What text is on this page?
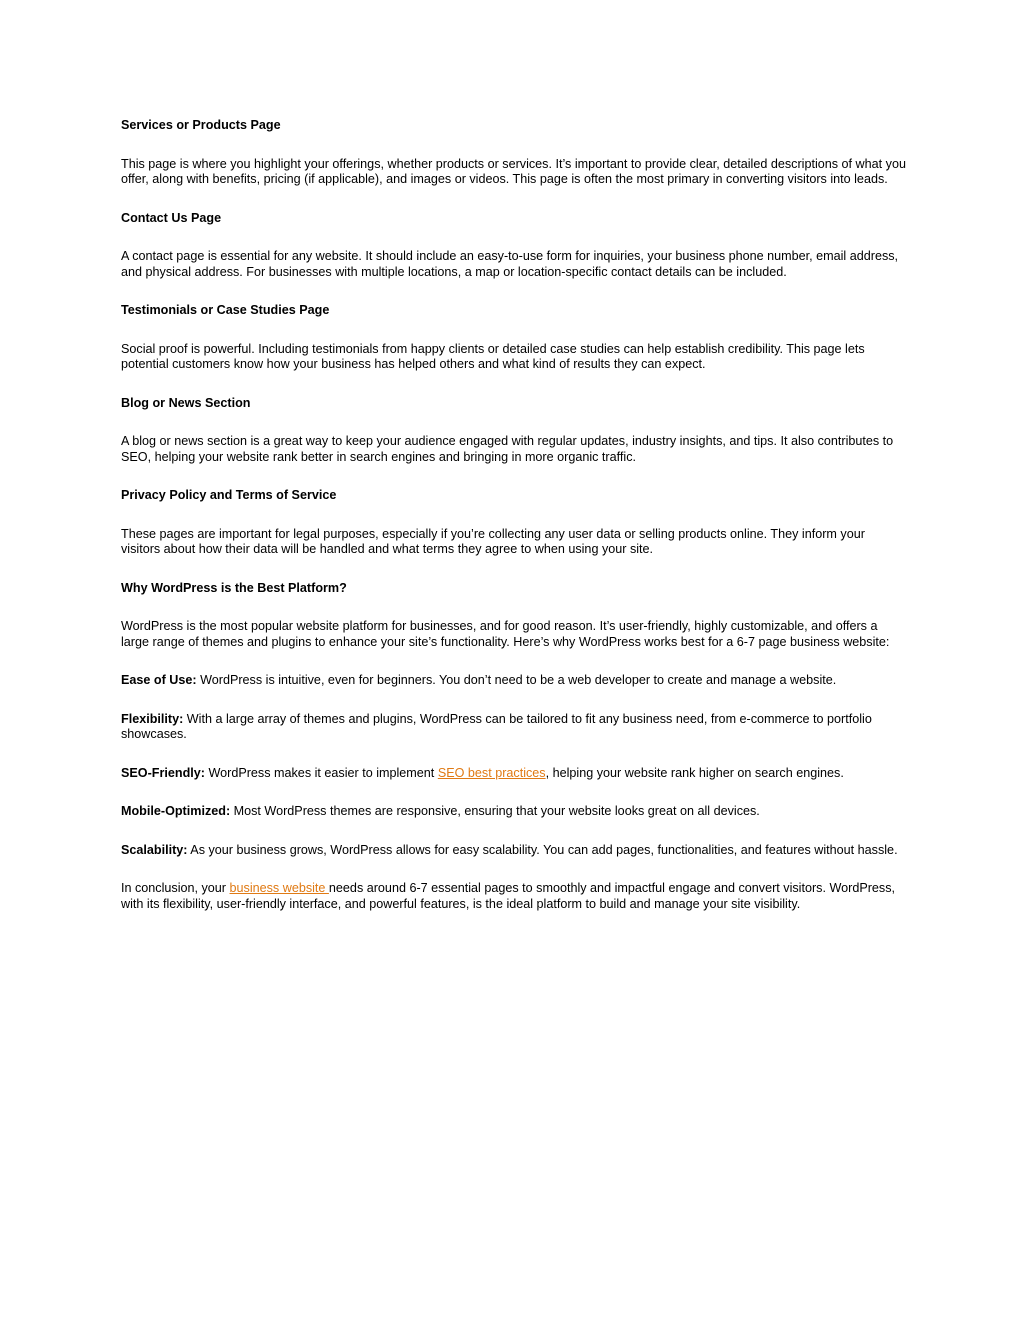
Services or Products Page

This page is where you highlight your offerings, whether products or services. It’s important to provide clear, detailed descriptions of what you offer, along with benefits, pricing (if applicable), and images or videos. This page is often the most primary in converting visitors into leads.

Contact Us Page

A contact page is essential for any website. It should include an easy-to-use form for inquiries, your business phone number, email address, and physical address. For businesses with multiple locations, a map or location-specific contact details can be included.

Testimonials or Case Studies Page

Social proof is powerful. Including testimonials from happy clients or detailed case studies can help establish credibility. This page lets potential customers know how your business has helped others and what kind of results they can expect.

Blog or News Section

A blog or news section is a great way to keep your audience engaged with regular updates, industry insights, and tips. It also contributes to SEO, helping your website rank better in search engines and bringing in more organic traffic.

Privacy Policy and Terms of Service

These pages are important for legal purposes, especially if you’re collecting any user data or selling products online. They inform your visitors about how their data will be handled and what terms they agree to when using your site.

Why WordPress is the Best Platform?

WordPress is the most popular website platform for businesses, and for good reason. It’s user-friendly, highly customizable, and offers a large range of themes and plugins to enhance your site’s functionality. Here’s why WordPress works best for a 6-7 page business website:

Ease of Use: WordPress is intuitive, even for beginners. You don’t need to be a web developer to create and manage a website.

Flexibility: With a large array of themes and plugins, WordPress can be tailored to fit any business need, from e-commerce to portfolio showcases.

SEO-Friendly: WordPress makes it easier to implement SEO best practices, helping your website rank higher on search engines.

Mobile-Optimized: Most WordPress themes are responsive, ensuring that your website looks great on all devices.

Scalability: As your business grows, WordPress allows for easy scalability. You can add pages, functionalities, and features without hassle.

In conclusion, your business website needs around 6-7 essential pages to smoothly and impactful engage and convert visitors. WordPress, with its flexibility, user-friendly interface, and powerful features, is the ideal platform to build and manage your site visibility.
